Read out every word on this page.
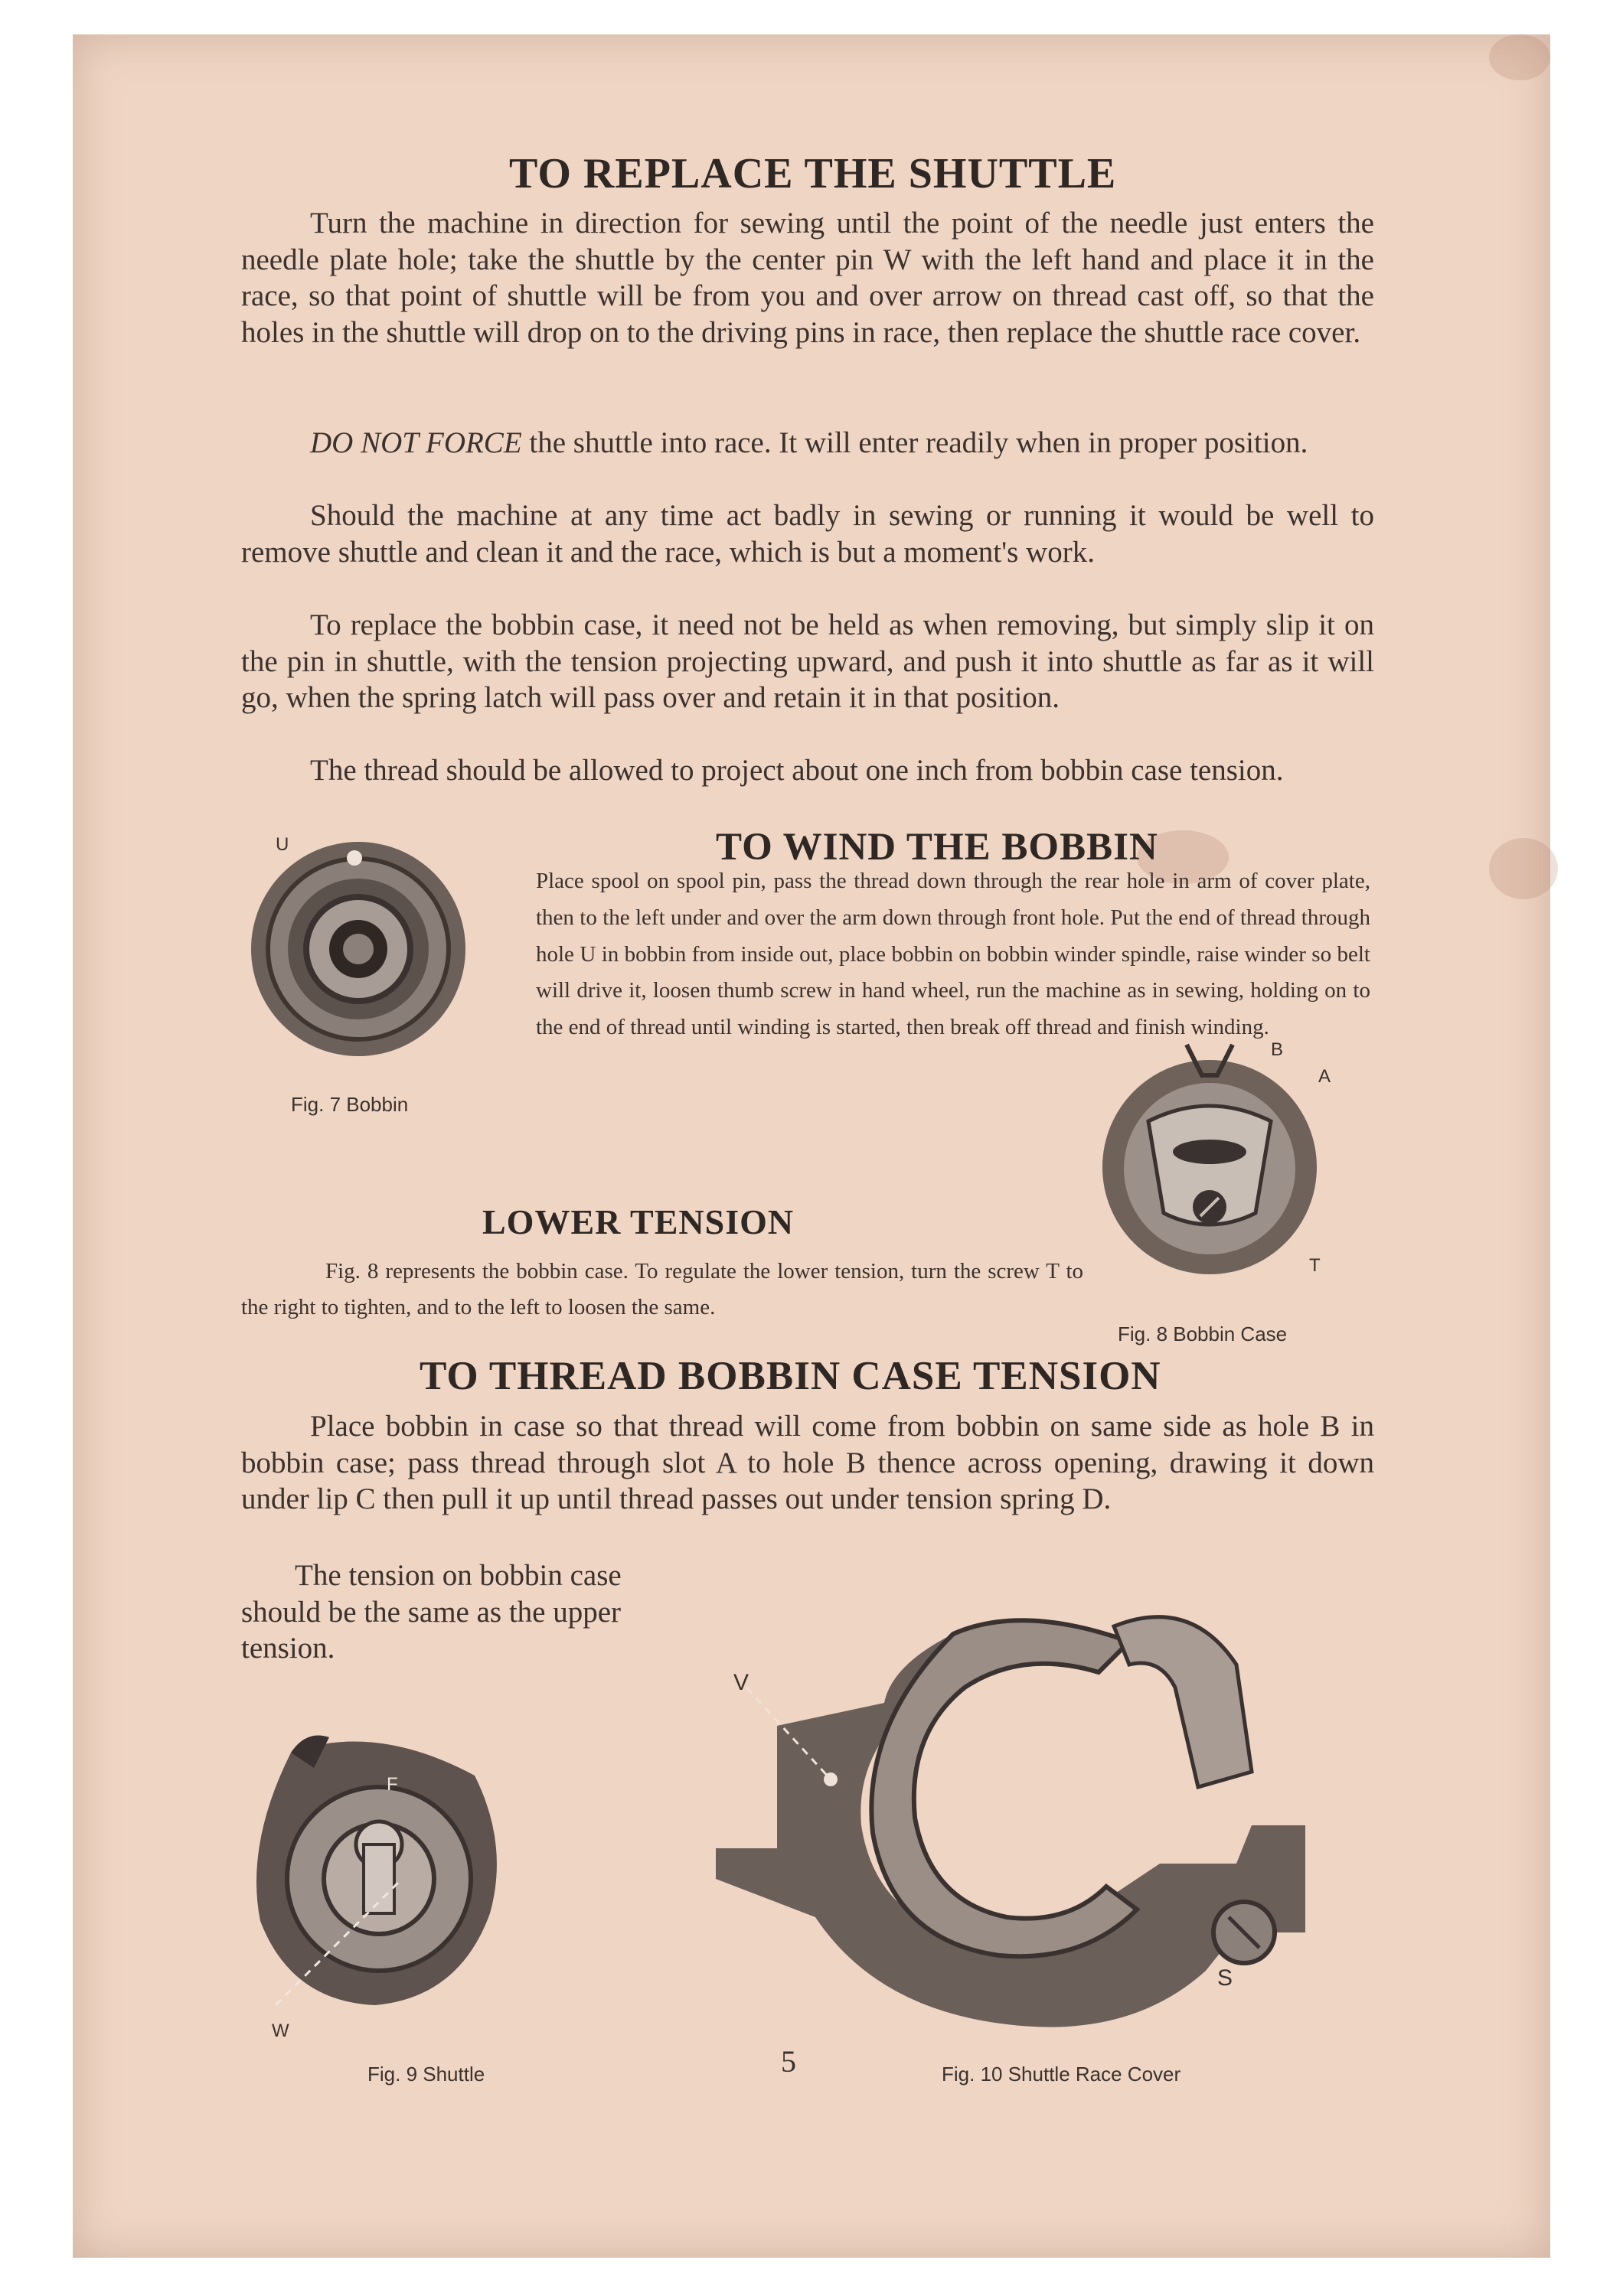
TO REPLACE THE SHUTTLE

Turn the machine in direction for sewing until the point of the needle just enters the needle plate hole; take the shuttle by the center pin W with the left hand and place it in the race, so that point of shuttle will be from you and over arrow on thread cast off, so that the holes in the shuttle will drop on to the driving pins in race, then replace the shuttle race cover.

DO NOT FORCE the shuttle into race. It will enter readily when in proper position.

Should the machine at any time act badly in sewing or running it would be well to remove shuttle and clean it and the race, which is but a moment's work.

To replace the bobbin case, it need not be held as when removing, but simply slip it on the pin in shuttle, with the tension projecting upward, and push it into shuttle as far as it will go, when the spring latch will pass over and retain it in that position.

The thread should be allowed to project about one inch from bobbin case tension.

TO WIND THE BOBBIN
U
Fig. 7 Bobbin

Place spool on spool pin, pass the thread down through the rear hole in arm of cover plate, then to the left under and over the arm down through front hole. Put the end of thread through hole U in bobbin from inside out, place bobbin on bobbin winder spindle, raise winder so belt will drive it, loosen thumb screw in hand wheel, run the machine as in sewing, holding on to the end of thread until winding is started, then break off thread and finish winding.

B
A
T
Fig. 8 Bobbin Case
LOWER TENSION

Fig. 8 represents the bobbin case. To regulate the lower tension, turn the screw T to the right to tighten, and to the left to loosen the same.

TO THREAD BOBBIN CASE TENSION

Place bobbin in case so that thread will come from bobbin on same side as hole B in bobbin case; pass thread through slot A to hole B thence across opening, drawing it down under lip C then pull it up until thread passes out under tension spring D.

The tension on bobbin case should be the same as the upper tension.

F
W
Fig. 9 Shuttle
V
S
Fig. 10 Shuttle Race Cover
5
